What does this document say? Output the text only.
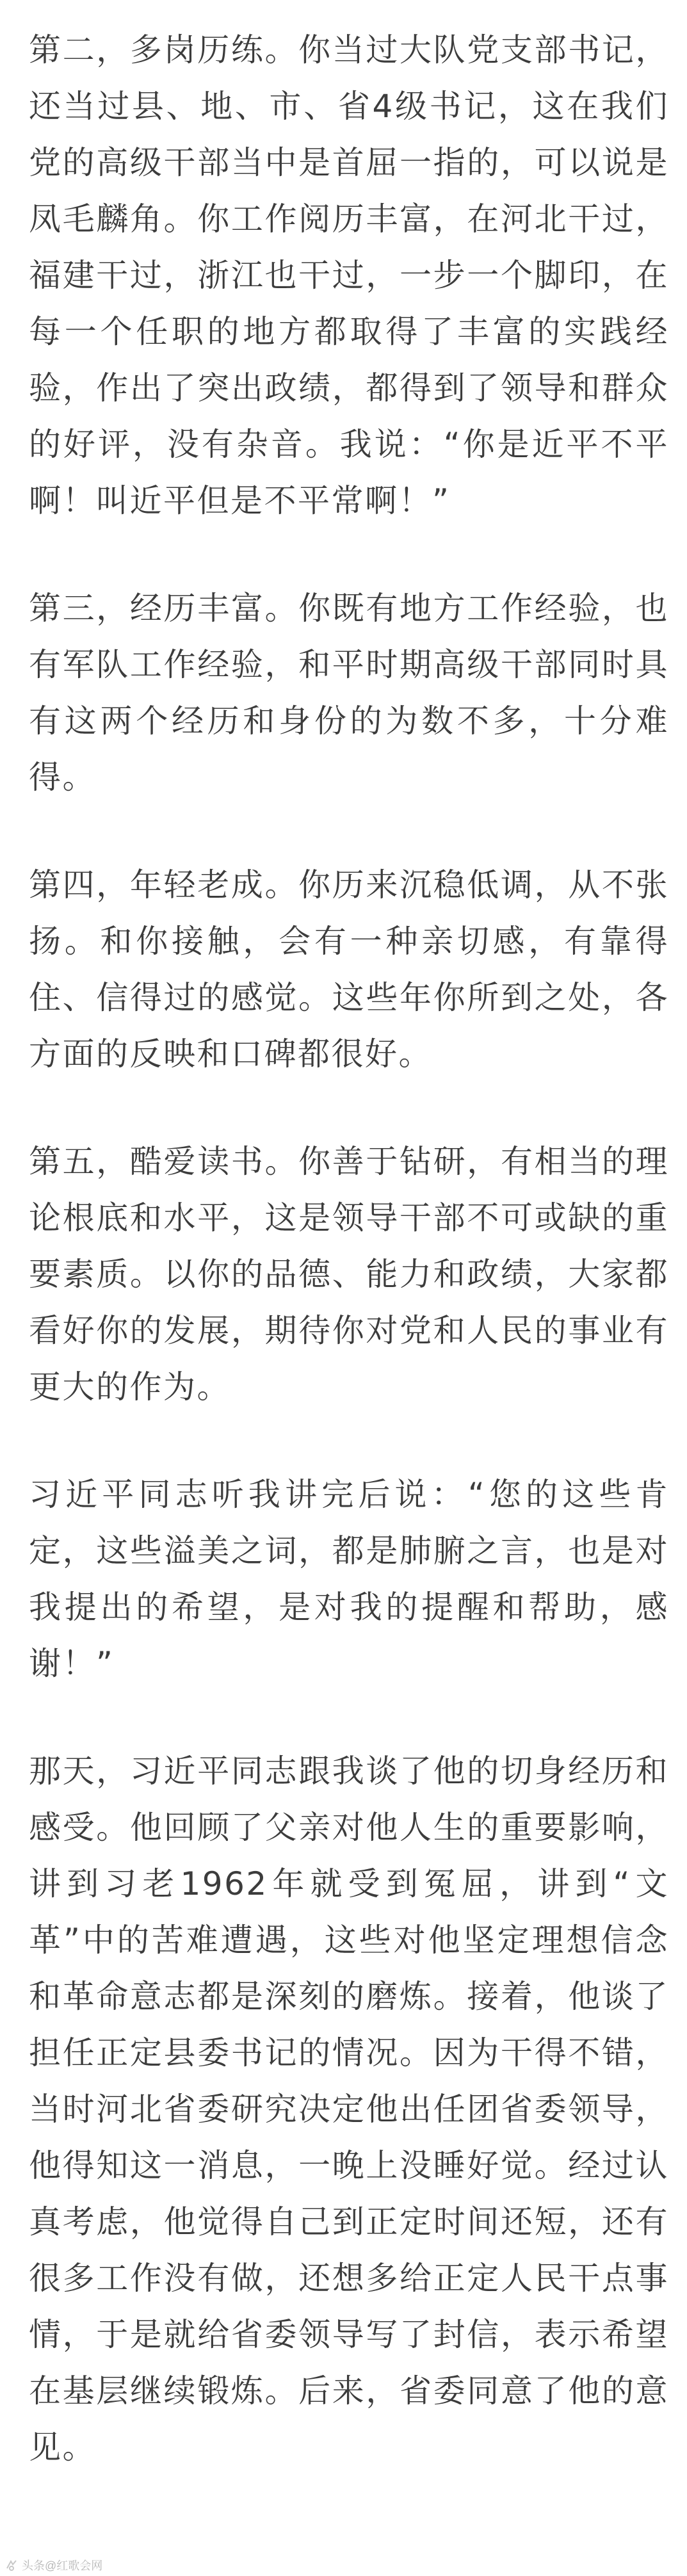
第二，多岗历练。你当过大队党支部书记，还当过县、地、市、省4级书记，这在我们党的高级干部当中是首屈一指的，可以说是凤毛麟角。你工作阅历丰富，在河北干过，福建干过，浙江也干过，一步一个脚印，在每一个任职的地方都取得了丰富的实践经验，作出了突出政绩，都得到了领导和群众的好评，没有杂音。我说：“你是近平不平啊！叫近平但是不平常啊！”

第三，经历丰富。你既有地方工作经验，也有军队工作经验，和平时期高级干部同时具有这两个经历和身份的为数不多，十分难得。

第四，年轻老成。你历来沉稳低调，从不张扬。和你接触，会有一种亲切感，有靠得住、信得过的感觉。这些年你所到之处，各方面的反映和口碑都很好。

第五，酷爱读书。你善于钻研，有相当的理论根底和水平，这是领导干部不可或缺的重要素质。以你的品德、能力和政绩，大家都看好你的发展，期待你对党和人民的事业有更大的作为。

习近平同志听我讲完后说：“您的这些肯定，这些溢美之词，都是肺腑之言，也是对我提出的希望，是对我的提醒和帮助，感谢！”

那天，习近平同志跟我谈了他的切身经历和感受。他回顾了父亲对他人生的重要影响，讲到习老1962年就受到冤屈，讲到“文革”中的苦难遭遇，这些对他坚定理想信念和革命意志都是深刻的磨炼。接着，他谈了担任正定县委书记的情况。因为干得不错，当时河北省委研究决定他出任团省委领导，他得知这一消息，一晚上没睡好觉。经过认真考虑，他觉得自己到正定时间还短，还有很多工作没有做，还想多给正定人民干点事情，于是就给省委领导写了封信，表示希望在基层继续锻炼。后来，省委同意了他的意见。

头条@红歌会网
